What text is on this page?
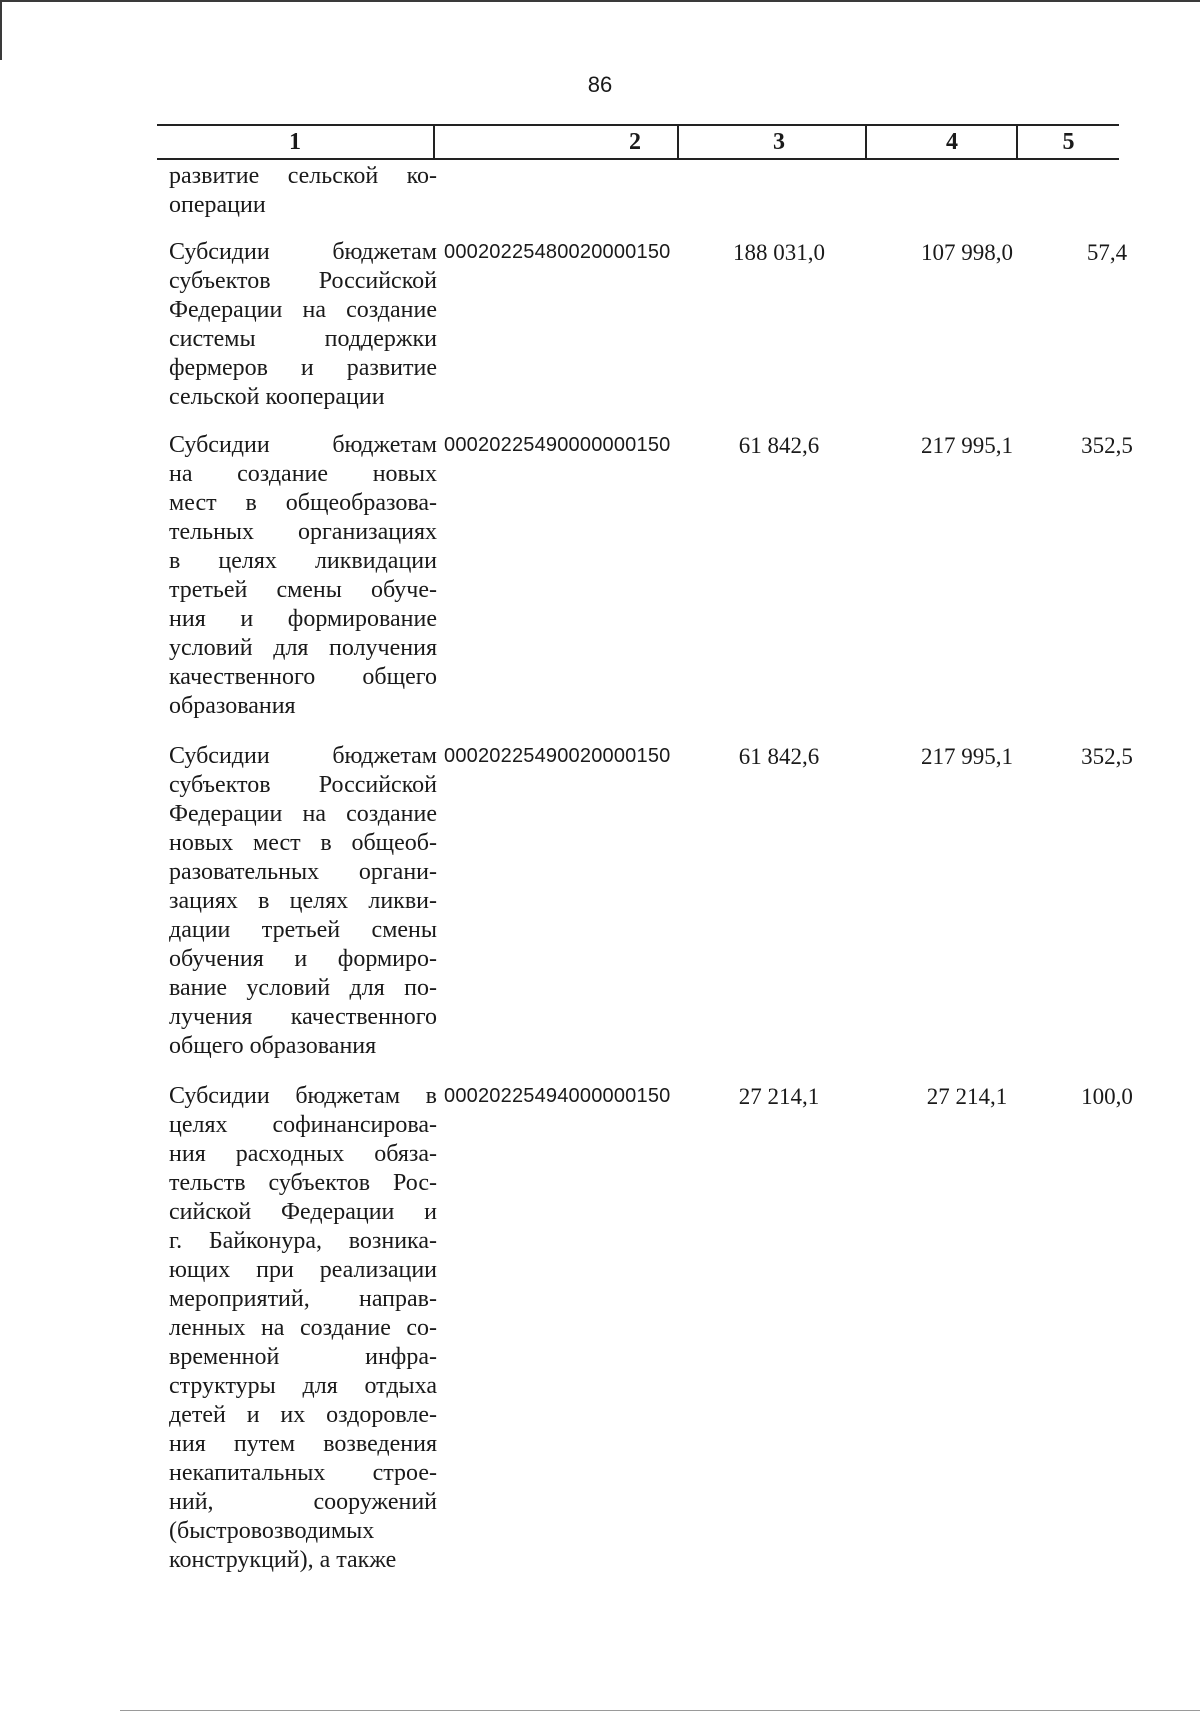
86
1	2	3	4	5
развитие сельской ко-
операции
Субсидии бюджетам
субъектов Российской
Федерации на создание
системы поддержки
фермеров и развитие
сельской кооперации
00020225480020000150	188 031,0	107 998,0	57,4
Субсидии бюджетам
на создание новых
мест в общеобразова-
тельных организациях
в целях ликвидации
третьей смены обуче-
ния и формирование
условий для получения
качественного общего
образования
00020225490000000150	61 842,6	217 995,1	352,5
Субсидии бюджетам
субъектов Российской
Федерации на создание
новых мест в общеоб-
разовательных органи-
зациях в целях ликви-
дации третьей смены
обучения и формиро-
вание условий для по-
лучения качественного
общего образования
00020225490020000150	61 842,6	217 995,1	352,5
Субсидии бюджетам в
целях софинансирова-
ния расходных обяза-
тельств субъектов Рос-
сийской Федерации и
г. Байконура, возника-
ющих при реализации
мероприятий, направ-
ленных на создание со-
временной инфра-
структуры для отдыха
детей и их оздоровле-
ния путем возведения
некапитальных строе-
ний, сооружений
(быстровозводимых
конструкций), а также
00020225494000000150	27 214,1	27 214,1	100,0
